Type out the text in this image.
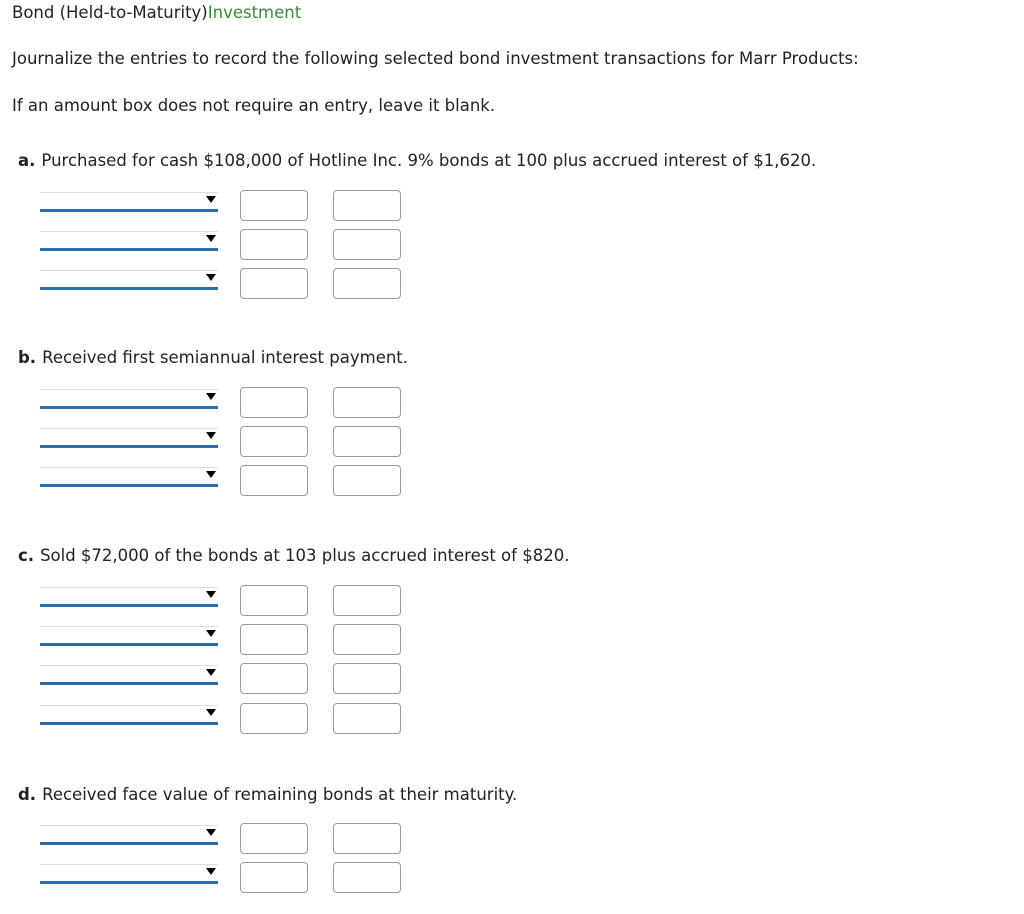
Bond (Held-to-Maturity)Investment
Journalize the entries to record the following selected bond investment transactions for Marr Products:
If an amount box does not require an entry, leave it blank.
a. Purchased for cash $108,000 of Hotline Inc. 9% bonds at 100 plus accrued interest of $1,620.
b. Received first semiannual interest payment.
c. Sold $72,000 of the bonds at 103 plus accrued interest of $820.
d. Received face value of remaining bonds at their maturity.
